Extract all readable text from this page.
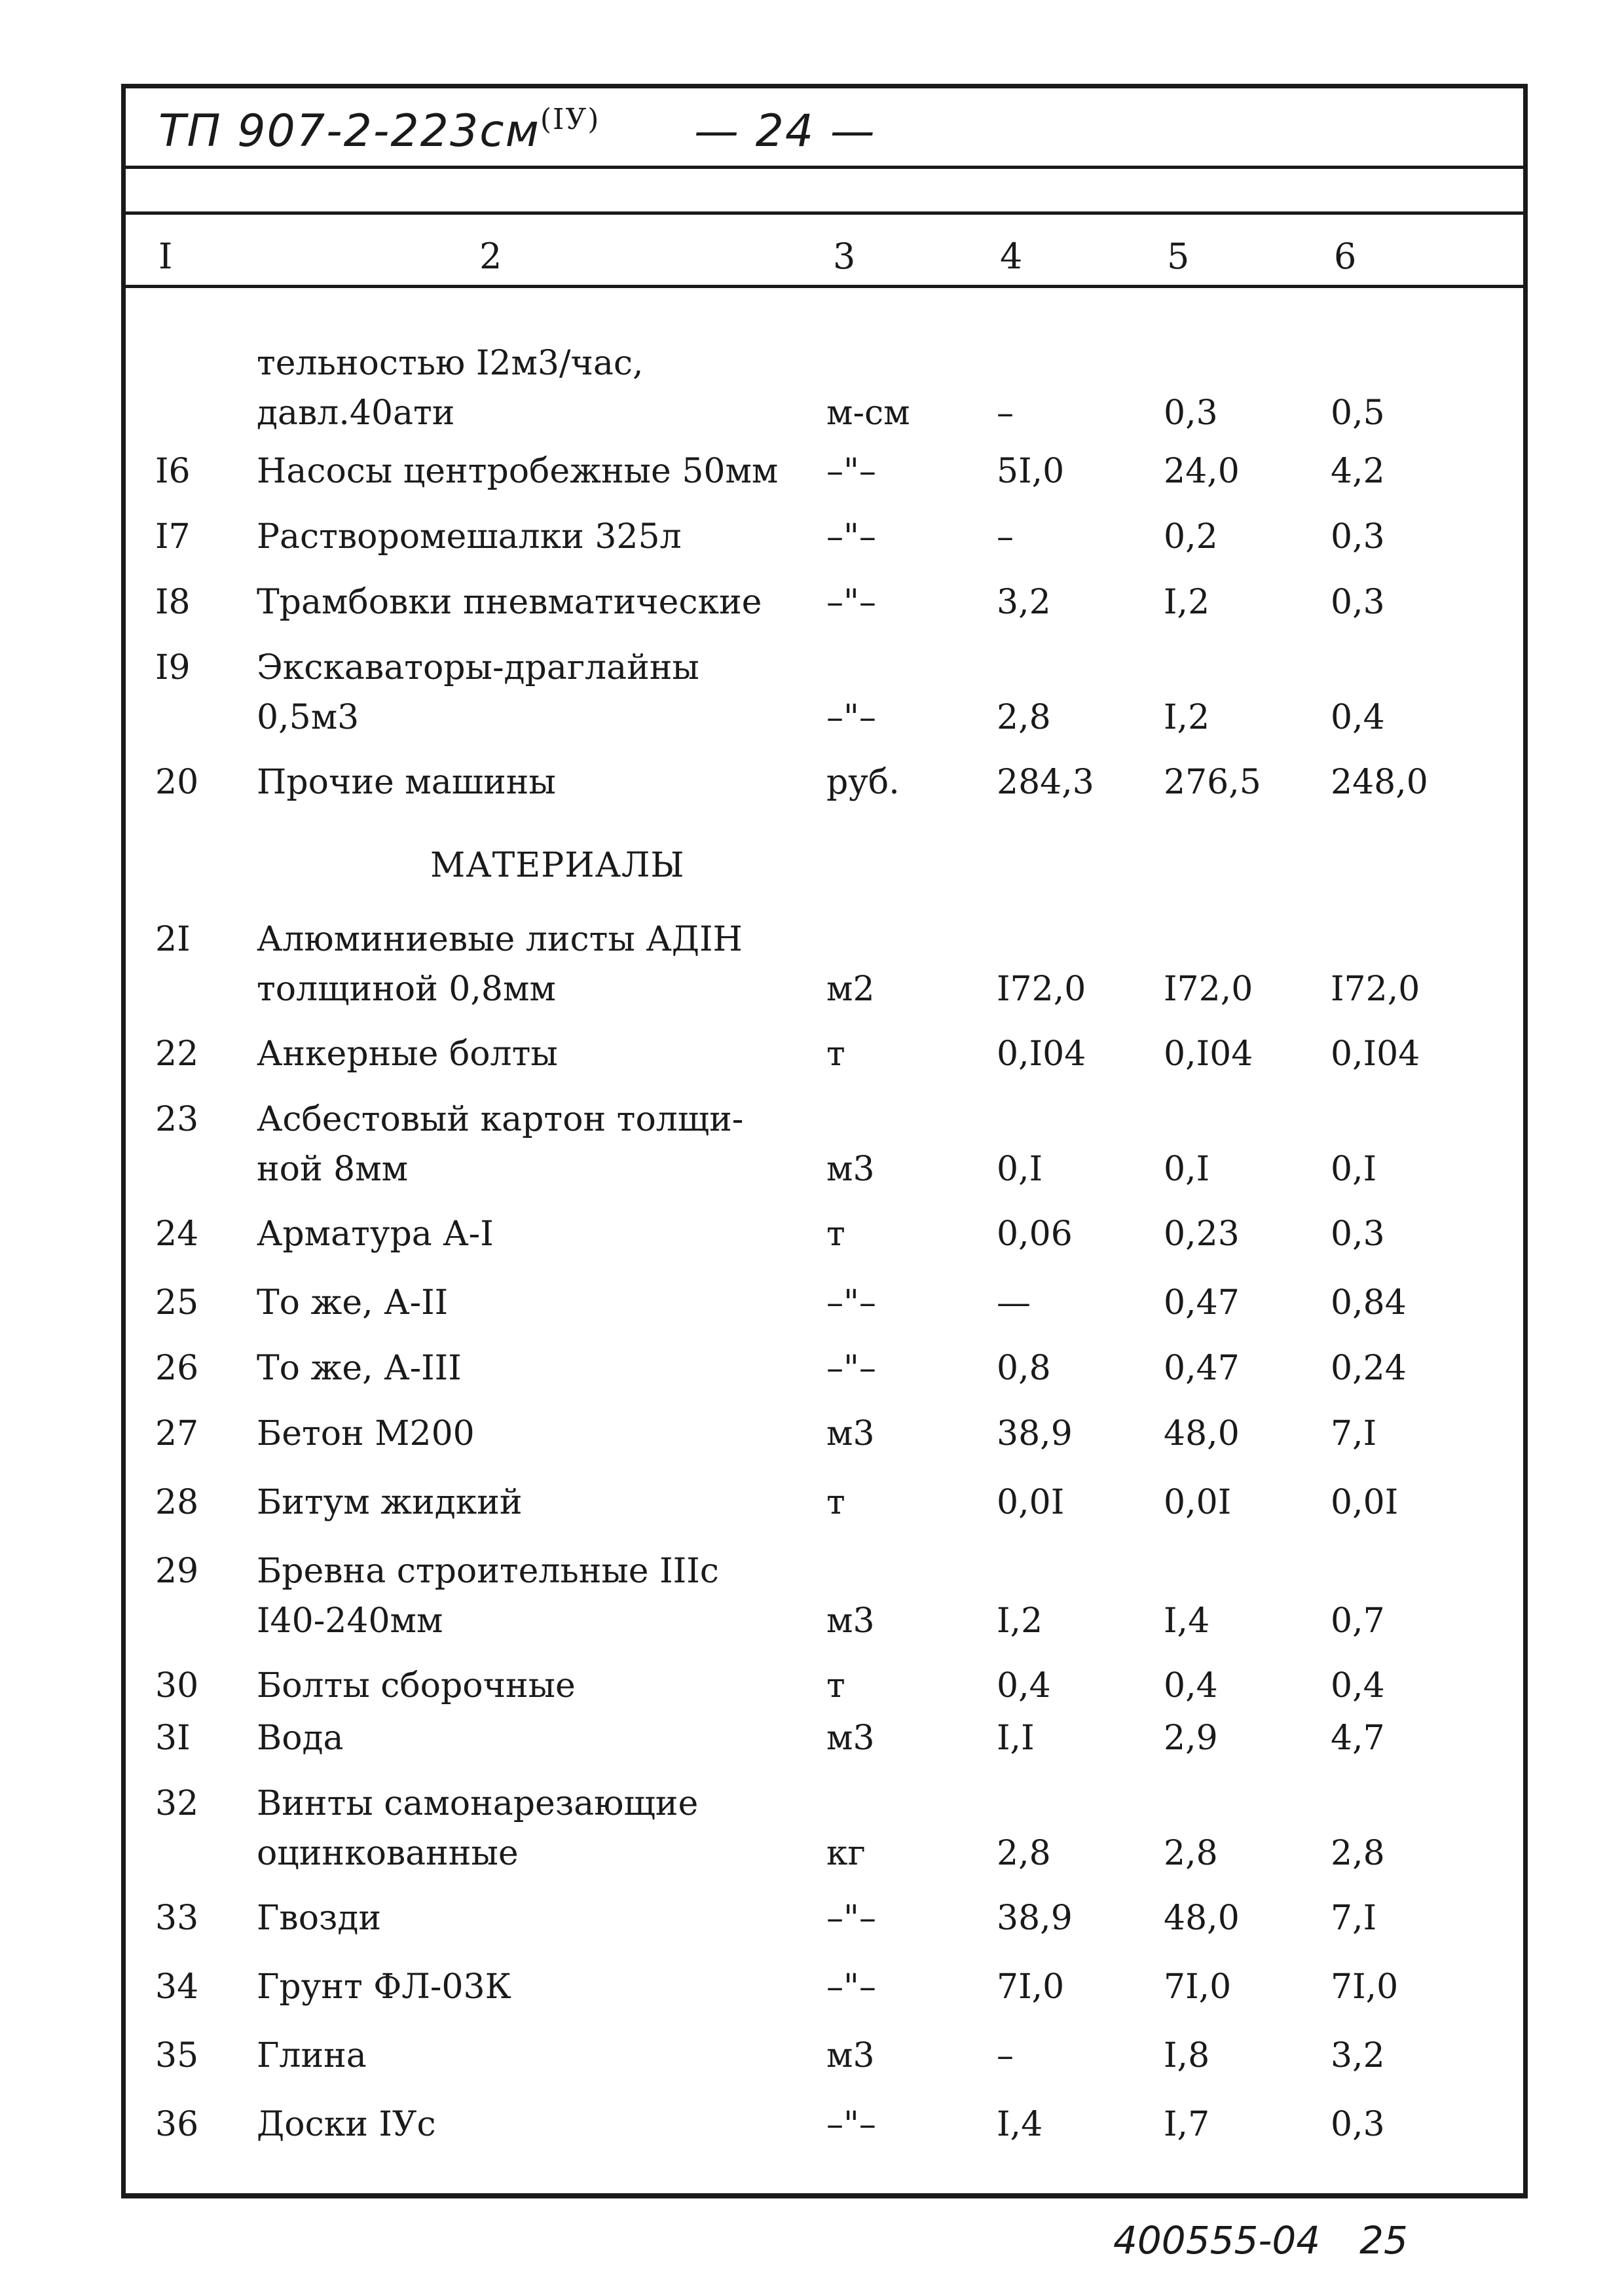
ТП $907-2-223см^{(IУ)}$ — 24 —
I	2	3	4	5	6
тельностью I2м3/час,
давл.40ати	м-см	–	0,3	0,5
I6 Насосы центробежные 50мм –"–	5I,0	24,0	4,2
I7 Растворомешалки 325л	–"–	–	0,2	0,3
I8 Трамбовки пневматические –"–	3,2	I,2	0,3
I9 Экскаваторы-драглайны
0,5м3	–"–	2,8	I,2	0,4
20 Прочие машины	руб.	284,3 276,5 248,0
2I Алюминиевые листы АДIН
толщиной 0,8мм	м2	I72,0 I72,0 I72,0
22 Анкерные болты	т	0,I04 0,I04 0,I04
23 Асбестовый картон толщи-
ной 8мм	м3	0,I	0,I	0,I
24 Арматура А-I	т	0,06	0,23	0,3
25 То же, А-II	–"–	—	0,47	0,84
26 То же, А-III	–"–	0,8	0,47	0,24
27 Бетон М200	м3	38,9	48,0	7,I
28 Битум жидкий	т	0,0I	0,0I	0,0I
29 Бревна строительные IIIс
I40-240мм	м3	I,2	I,4	0,7
30 Болты сборочные	т	0,4	0,4	0,4
3I Вода	м3	I,I	2,9	4,7
32 Винты самонарезающие
оцинкованные	кг	2,8	2,8	2,8
33 Гвозди	–"–	38,9	48,0	7,I
34 Грунт ФЛ-03К	–"–	7I,0	7I,0	7I,0
35 Глина	м3	–	I,8	3,2
36 Доски IУс	–"–	I,4	I,7	0,3
МАТЕРИАЛЫ
400555-04 25
